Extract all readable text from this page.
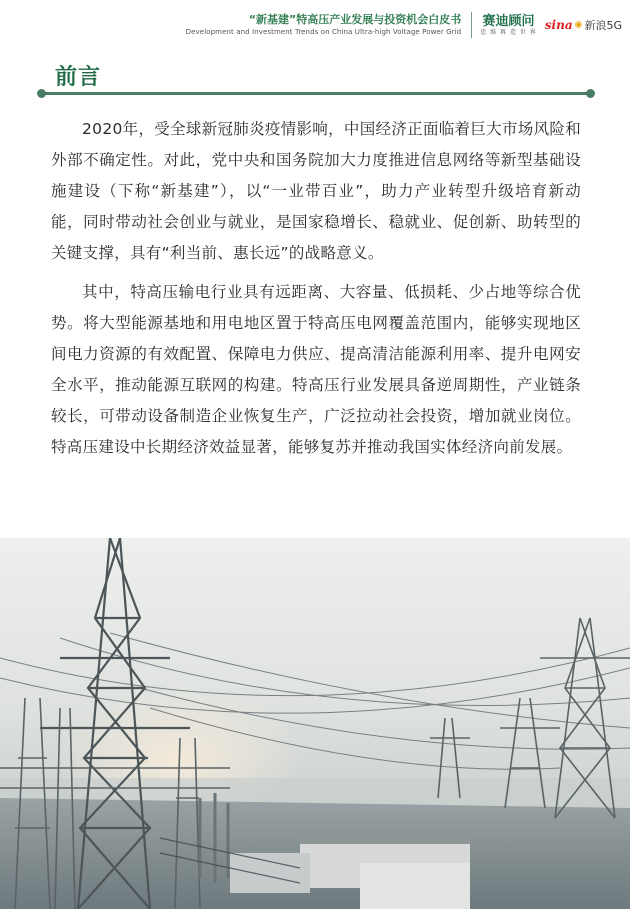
“新基建”特高压产业发展与投资机会白皮书
Development and Investment Trends on China Ultra-high Voltage Power Grid
赛迪顾问
思 维 再 造 世 界 sina ◉ 新浪5G
前言

2020年，受全球新冠肺炎疫情影响，中国经济正面临着巨大市场风险和外部不确定性。对此，党中央和国务院加大力度推进信息网络等新型基础设施建设（下称“新基建”），以“一业带百业”，助力产业转型升级培育新动能，同时带动社会创业与就业，是国家稳增长、稳就业、促创新、助转型的关键支撑，具有“利当前、惠长远”的战略意义。

其中，特高压输电行业具有远距离、大容量、低损耗、少占地等综合优势。将大型能源基地和用电地区置于特高压电网覆盖范围内，能够实现地区间电力资源的有效配置、保障电力供应、提高清洁能源利用率、提升电网安全水平，推动能源互联网的构建。特高压行业发展具备逆周期性，产业链条较长，可带动设备制造企业恢复生产，广泛拉动社会投资，增加就业岗位。特高压建设中长期经济效益显著，能够复苏并推动我国实体经济向前发展。
